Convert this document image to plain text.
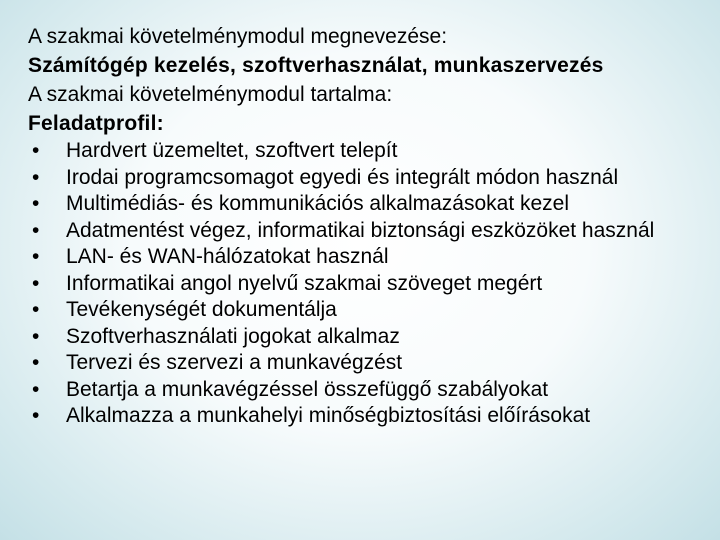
A szakmai követelménymodul megnevezése:
Számítógép kezelés, szoftverhasználat, munkaszervezés
A szakmai követelménymodul tartalma:
Feladatprofil:
• Hardvert üzemeltet, szoftvert telepít
• Irodai programcsomagot egyedi és integrált módon használ
• Multimédiás- és kommunikációs alkalmazásokat kezel
• Adatmentést végez, informatikai biztonsági eszközöket használ
• LAN- és WAN-hálózatokat használ
• Informatikai angol nyelvű szakmai szöveget megért
• Tevékenységét dokumentálja
• Szoftverhasználati jogokat alkalmaz
• Tervezi és szervezi a munkavégzést
• Betartja a munkavégzéssel összefüggő szabályokat
• Alkalmazza a munkahelyi minőségbiztosítási előírásokat
